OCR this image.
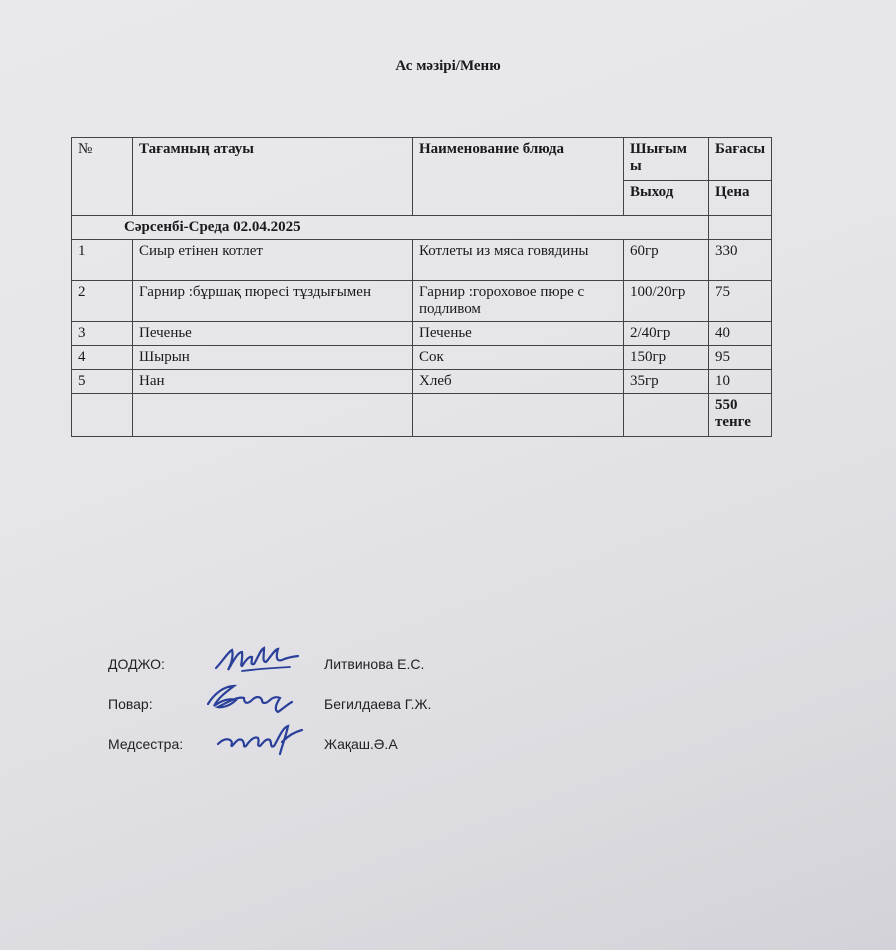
Ас мәзірі/Меню
№	Тағамның атауы	Наименование блюда	Шығым ы	Бағасы
			Выход	Цена
Сәрсенбі-Среда 02.04.2025				
1	Сиыр етінен котлет	Котлеты из мяса говядины	60гр	330
2	Гарнир :бұршақ пюресі тұздығымен	Гарнир :гороховое пюре с подливом	100/20гр	75
3	Печенье	Печенье	2/40гр	40
4	Шырын	Сок	150гр	95
5	Нан	Хлеб	35гр	10
				550 тенге
ДОДЖО:	Литвинова Е.С.
Повар:	Бегилдаева Г.Ж.
Медсестра:	Жақаш.Ә.А
